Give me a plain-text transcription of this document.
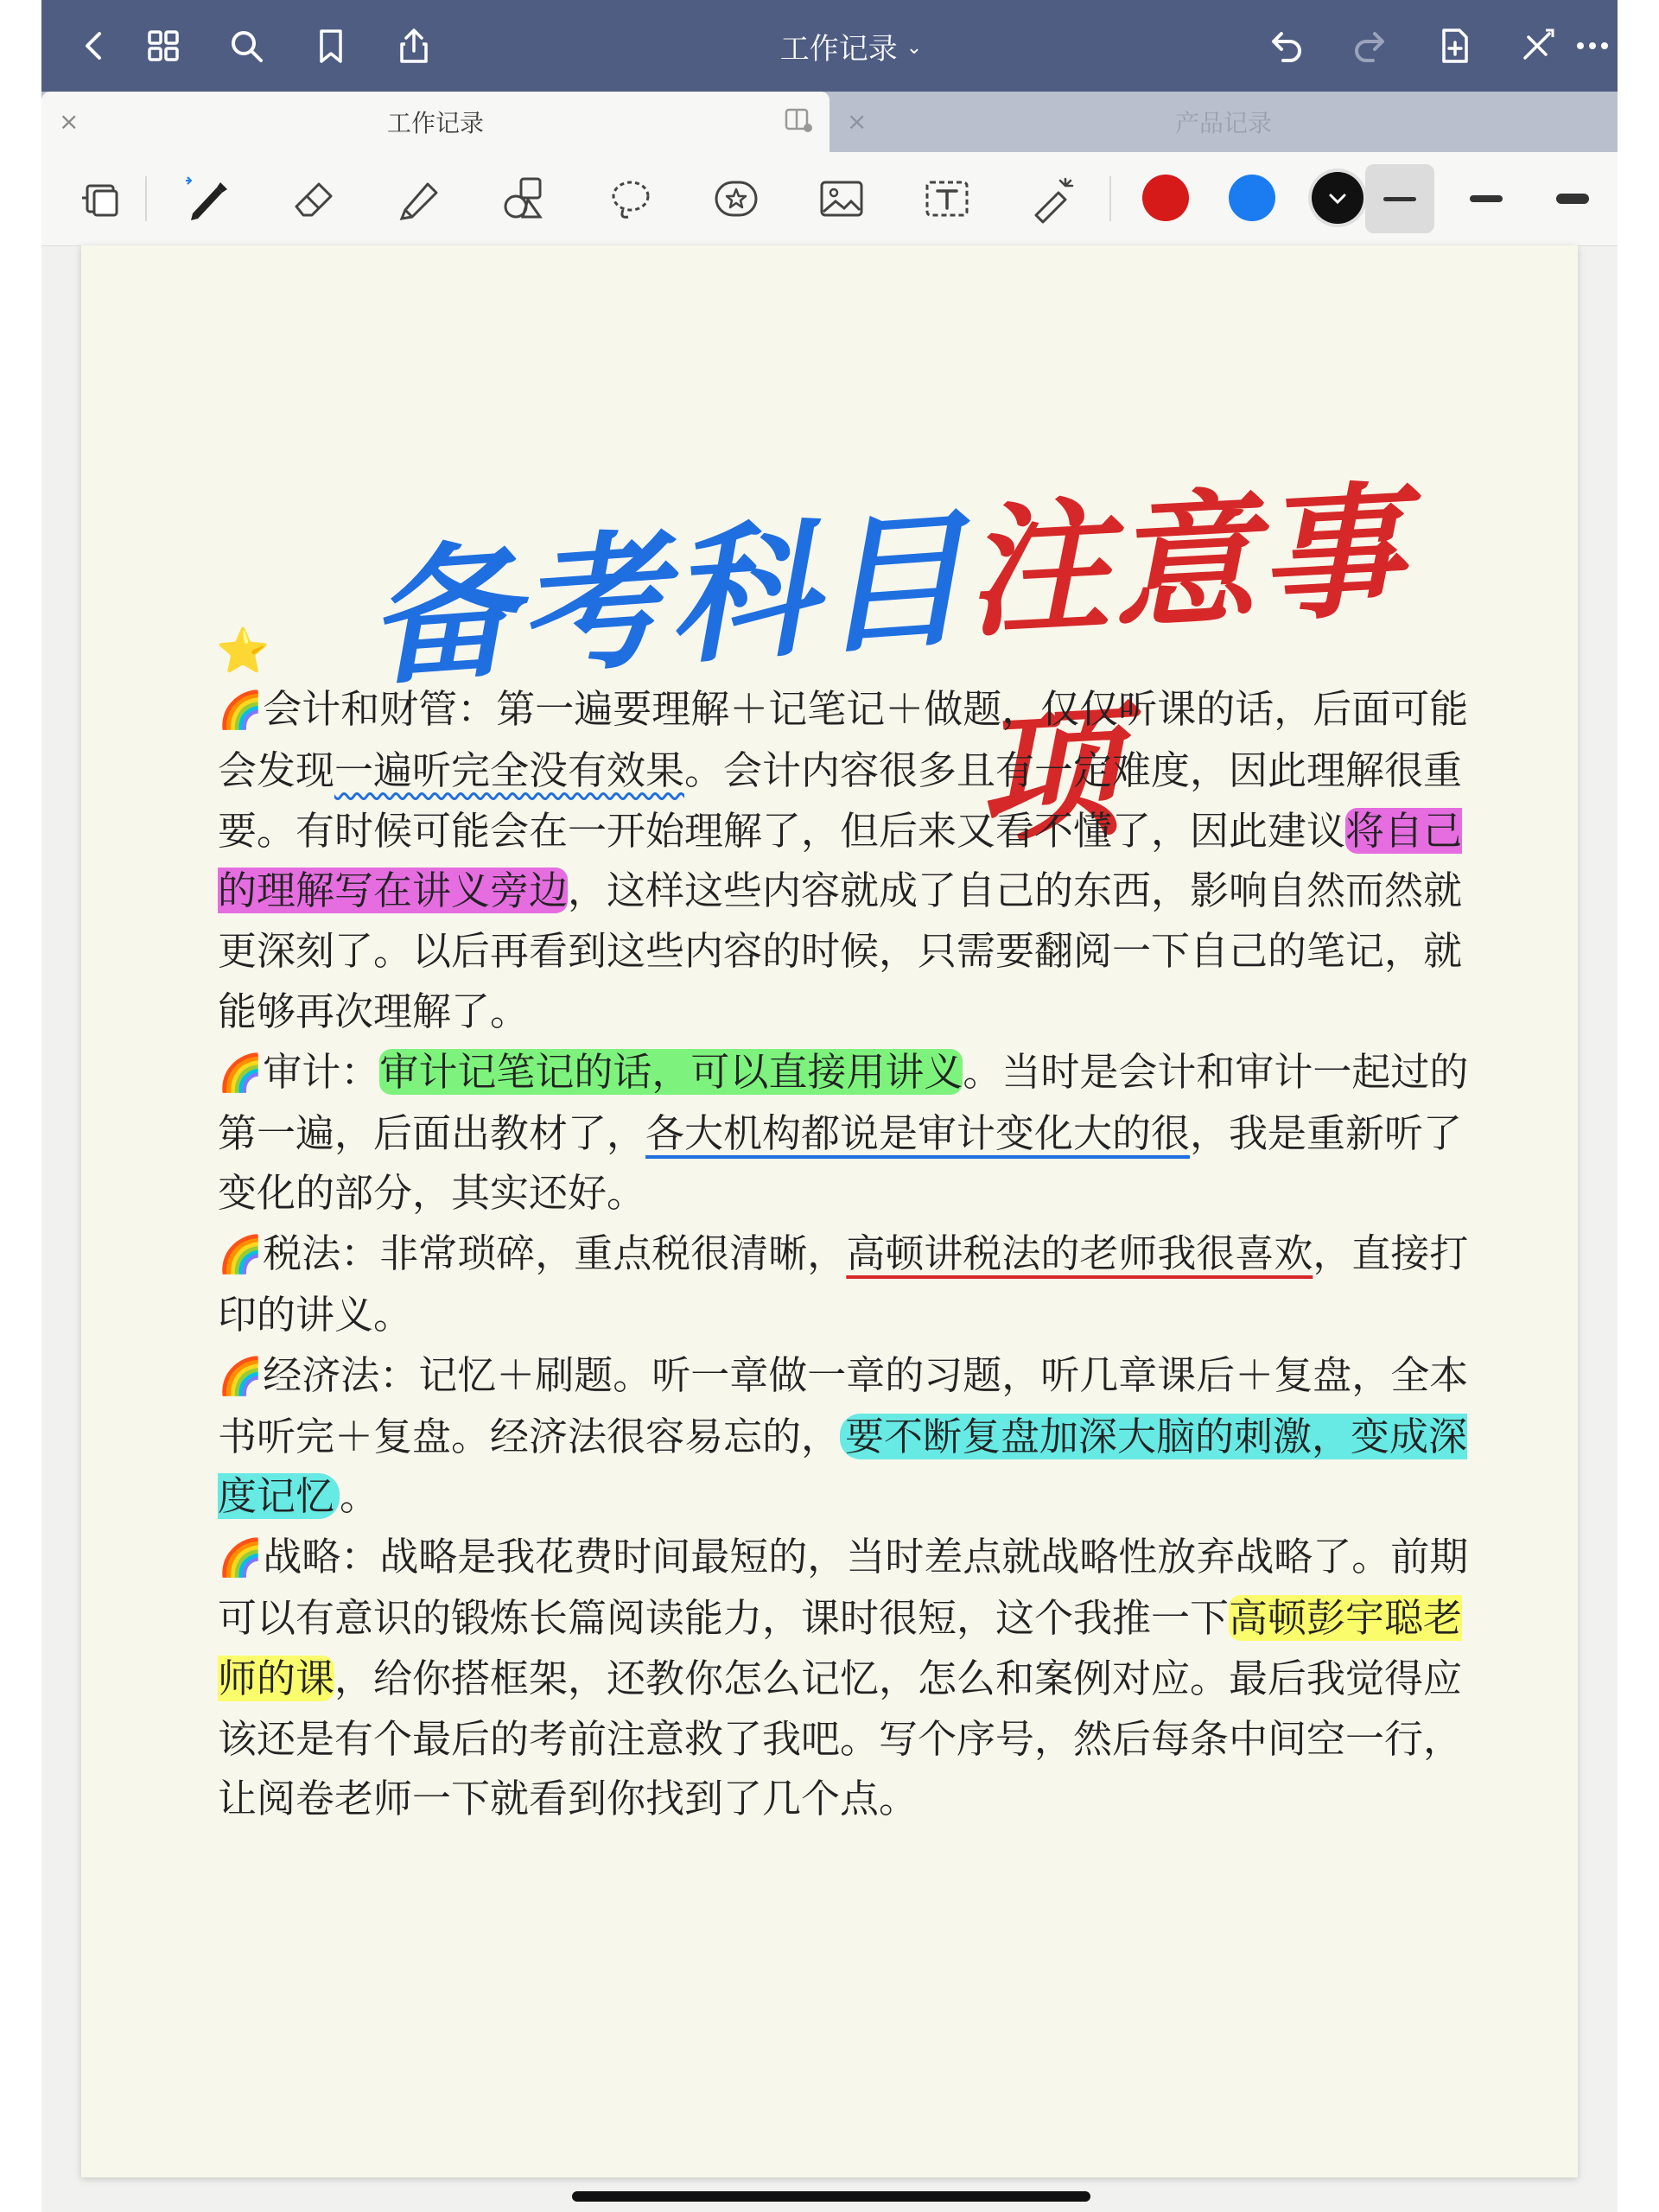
工作记录 ⌄
×	工作记录	×	产品记录
备考科目
注意事项
⭐

🌈会计和财管：第一遍要理解＋记笔记＋做题，仅仅听课的话，后面可能会发现一遍听完全没有效果。会计内容很多且有一定难度，因此理解很重要。有时候可能会在一开始理解了，但后来又看不懂了，因此建议将自己的理解写在讲义旁边，这样这些内容就成了自己的东西，影响自然而然就更深刻了。以后再看到这些内容的时候，只需要翻阅一下自己的笔记，就能够再次理解了。

🌈审计：审计记笔记的话，可以直接用讲义。当时是会计和审计一起过的第一遍，后面出教材了，各大机构都说是审计变化大的很，我是重新听了变化的部分，其实还好。

🌈税法：非常琐碎，重点税很清晰，高顿讲税法的老师我很喜欢，直接打印的讲义。

🌈经济法：记忆＋刷题。听一章做一章的习题，听几章课后＋复盘，全本书听完＋复盘。经济法很容易忘的， 要不断复盘加深大脑的刺激，变成深度记忆 。

🌈战略：战略是我花费时间最短的，当时差点就战略性放弃战略了。前期可以有意识的锻炼长篇阅读能力，课时很短，这个我推一下高顿彭宇聪老师的课，给你搭框架，还教你怎么记忆，怎么和案例对应。最后我觉得应该还是有个最后的考前注意救了我吧。写个序号，然后每条中间空一行，让阅卷老师一下就看到你找到了几个点。
